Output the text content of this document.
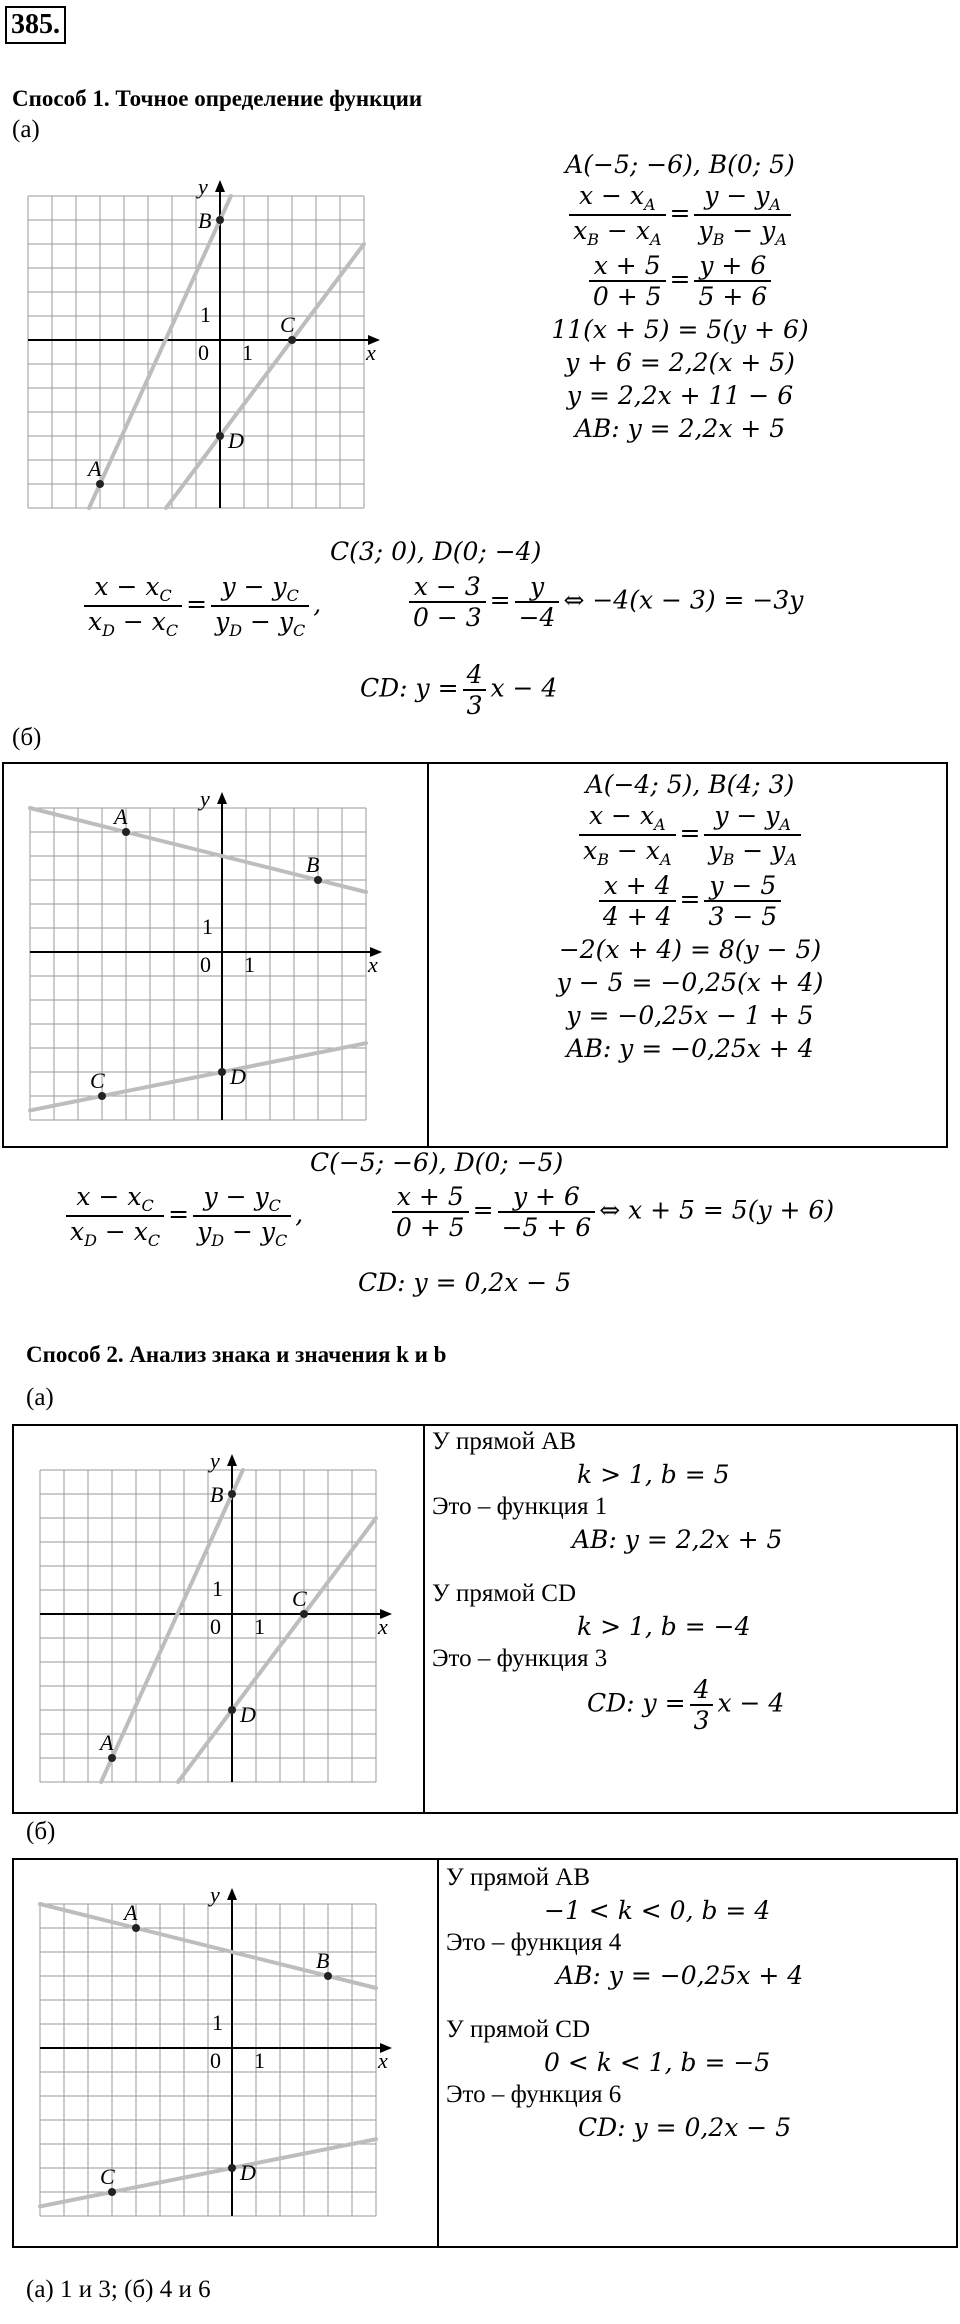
385.
Способ 1. Точное определение функции
(а)
x
y
0 1
1
A
B
C
D
A(−5; −6), B(0; 5)
$\frac{x - x_A}{x_B - x_A} = \frac{y - y_A}{y_B - y_A}$
$\frac{x + 5}{0 + 5} = \frac{y + 6}{5 + 6}$
11(x + 5) = 5(y + 6)
y + 6 = 2,2(x + 5)
y = 2,2x + 11 − 6
AB: y = 2,2x + 5
C(3; 0), D(0; −4)
$\frac{x - x_C}{x_D - x_C} = \frac{y - y_C}{y_D - y_C}$ ,	$\frac{x - 3}{0 - 3} = \frac{y}{-4}$ ⇔ −4(x − 3) = −3y
CD: $y = \frac{4}{3}$ x − 4
(б)
x
y
0 1
1
A
B
C	D
A(−4; 5), B(4; 3)
$\frac{x - x_A}{x_B - x_A} = \frac{y - y_A}{y_B - y_A}$
$\frac{x + 4}{4 + 4} = \frac{y - 5}{3 - 5}$
−2(x + 4) = 8(y − 5)
y − 5 = −0,25(x + 4)
y = −0,25x − 1 + 5
AB: y = −0,25x + 4
C(−5; −6), D(0; −5)
$\frac{x - x_C}{x_D - x_C} = \frac{y - y_C}{y_D - y_C}$ ,	$\frac{x + 5}{0 + 5} = \frac{y + 6}{-5 + 6}$ ⇔ x + 5 = 5(y + 6)
CD: y = 0,2x − 5
Способ 2. Анализ знака и значения k и b
(а)
x
y
0 1
1
A
B
C
D
У прямой AB
k > 1, b = 5
Это – функция 1
AB: y = 2,2x + 5
У прямой CD
k > 1, b = −4
Это – функция 3
CD: $y = \frac{4}{3}$ x − 4
(б)
x
y
0 1
1
A
B
C	D
У прямой AB
−1 < k < 0, b = 4
Это – функция 4
AB: y = −0,25x + 4
У прямой CD
0 < k < 1, b = −5
Это – функция 6
CD: y = 0,2x − 5
(а) 1 и 3; (б) 4 и 6
